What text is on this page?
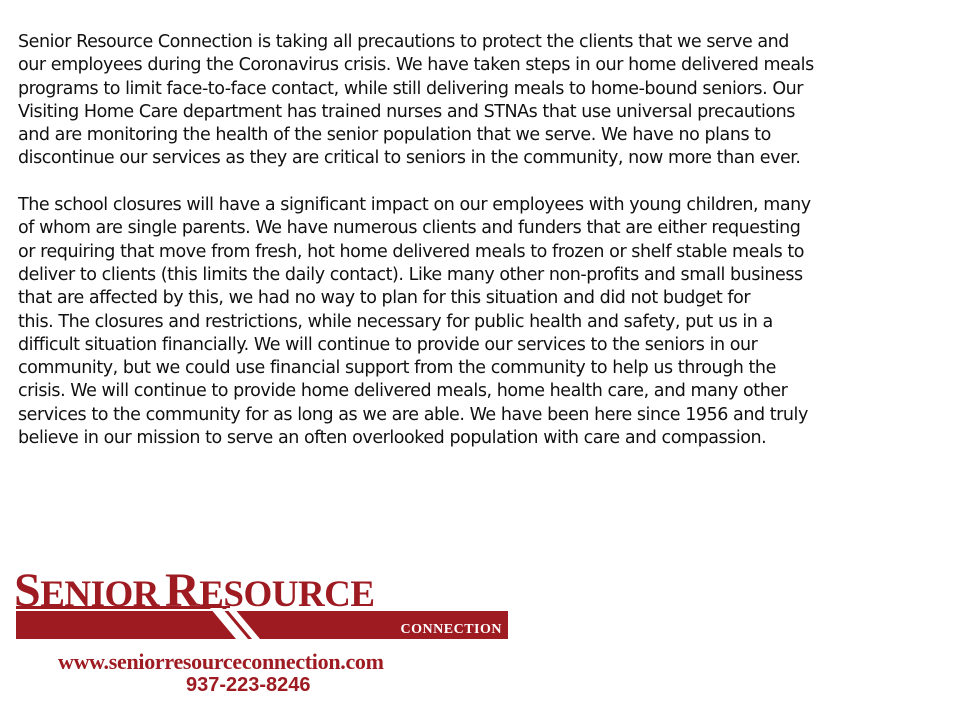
Senior Resource Connection is taking all precautions to protect the clients that we serve and
our employees during the Coronavirus crisis. We have taken steps in our home delivered meals
programs to limit face-to-face contact, while still delivering meals to home-bound seniors. Our
Visiting Home Care department has trained nurses and STNAs that use universal precautions
and are monitoring the health of the senior population that we serve. We have no plans to
discontinue our services as they are critical to seniors in the community, now more than ever.

The school closures will have a significant impact on our employees with young children, many
of whom are single parents. We have numerous clients and funders that are either requesting
or requiring that move from fresh, hot home delivered meals to frozen or shelf stable meals to
deliver to clients (this limits the daily contact). Like many other non-profits and small business
that are affected by this, we had no way to plan for this situation and did not budget for
this. The closures and restrictions, while necessary for public health and safety, put us in a
difficult situation financially. We will continue to provide our services to the seniors in our
community, but we could use financial support from the community to help us through the
crisis. We will continue to provide home delivered meals, home health care, and many other
services to the community for as long as we are able. We have been here since 1956 and truly
believe in our mission to serve an often overlooked population with care and compassion.

SENIOR RESOURCE
CONNECTION
www.seniorresourceconnection.com
937-223-8246
